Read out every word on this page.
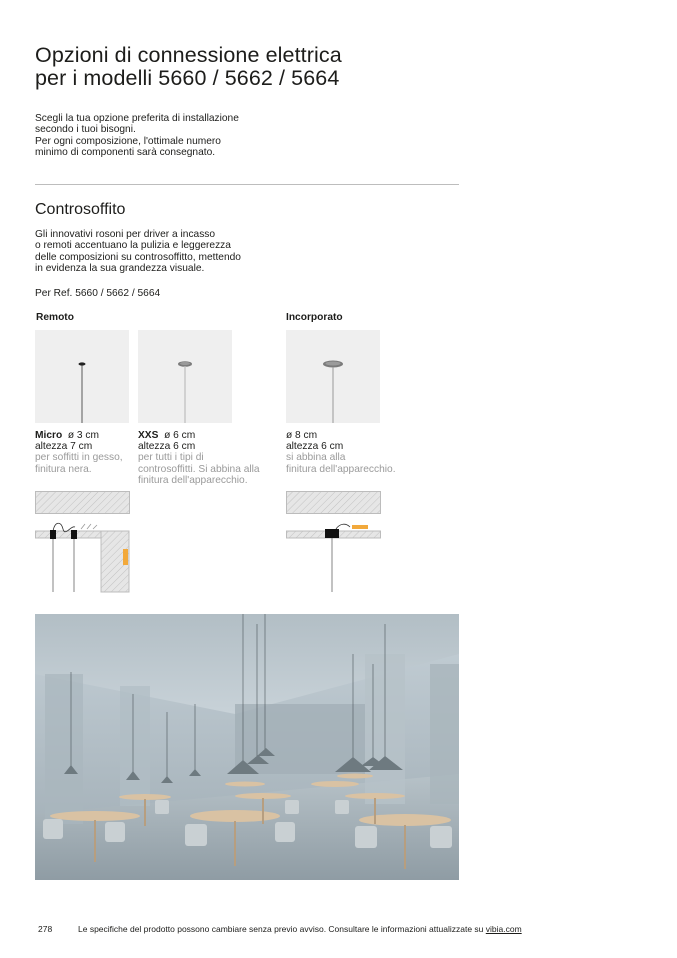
Opzioni di connessione elettrica
per i modelli 5660 / 5662 / 5664
Scegli la tua opzione preferita di installazione
secondo i tuoi bisogni.
Per ogni composizione, l'ottimale numero
minimo di componenti sarà consegnato.
Controsoffito
Gli innovativi rosoni per driver a incasso
o remoti accentuano la pulizia e leggerezza
delle composizioni su controsoffitto, mettendo
in evidenza la sua grandezza visuale.
Per Ref. 5660 / 5662 / 5664
Remoto	Incorporato
Micro ø 3 cm
altezza 7 cm
per soffitti in gesso,
finitura nera.
XXS ø 6 cm
altezza 6 cm
per tutti i tipi di
controsoffitti. Si abbina alla
finitura dell'apparecchio.
ø 8 cm
altezza 6 cm
si abbina alla
finitura dell'apparecchio.
278	Le specifiche del prodotto possono cambiare senza previo avviso. Consultare le informazioni attualizzate su vibia.com
